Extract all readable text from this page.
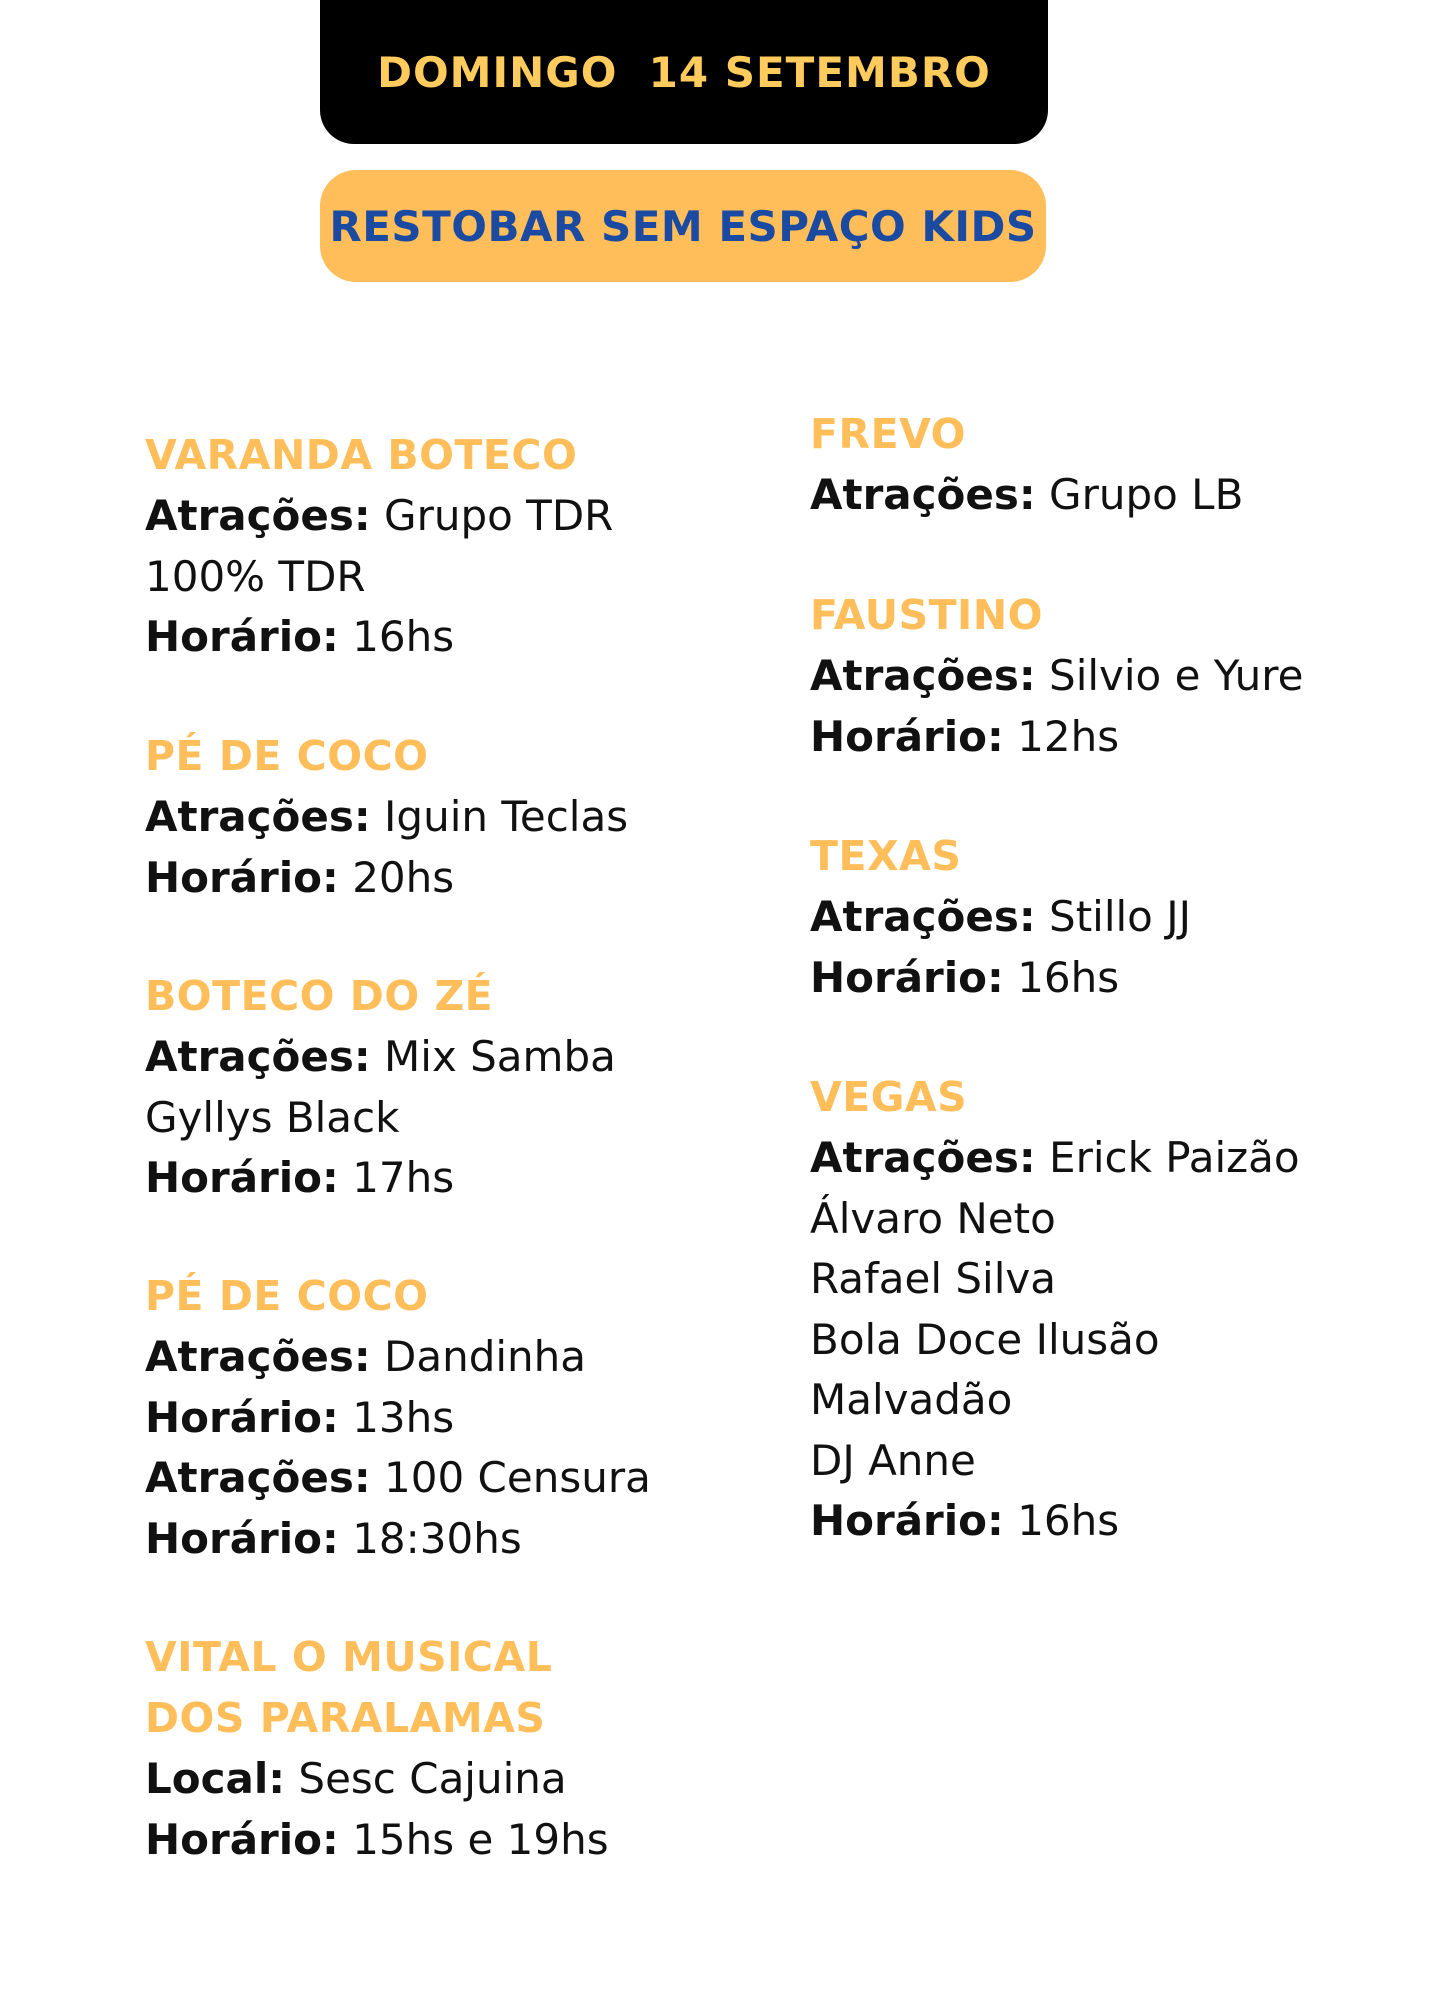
DOMINGO  14 SETEMBRO
RESTOBAR SEM ESPAÇO KIDS

VARANDA BOTECO

Atrações: Grupo TDR

100% TDR

Horário: 16hs

PÉ DE COCO

Atrações: Iguin Teclas

Horário: 20hs

BOTECO DO ZÉ

Atrações: Mix Samba

Gyllys Black

Horário: 17hs

PÉ DE COCO

Atrações: Dandinha

Horário: 13hs

Atrações: 100 Censura

Horário: 18:30hs

VITAL O MUSICAL

DOS PARALAMAS

Local: Sesc Cajuina

Horário: 15hs e 19hs

FREVO

Atrações: Grupo LB

FAUSTINO

Atrações: Silvio e Yure

Horário: 12hs

TEXAS

Atrações: Stillo JJ

Horário: 16hs

VEGAS

Atrações: Erick Paizão

Álvaro Neto

Rafael Silva

Bola Doce Ilusão

Malvadão

DJ Anne

Horário: 16hs
